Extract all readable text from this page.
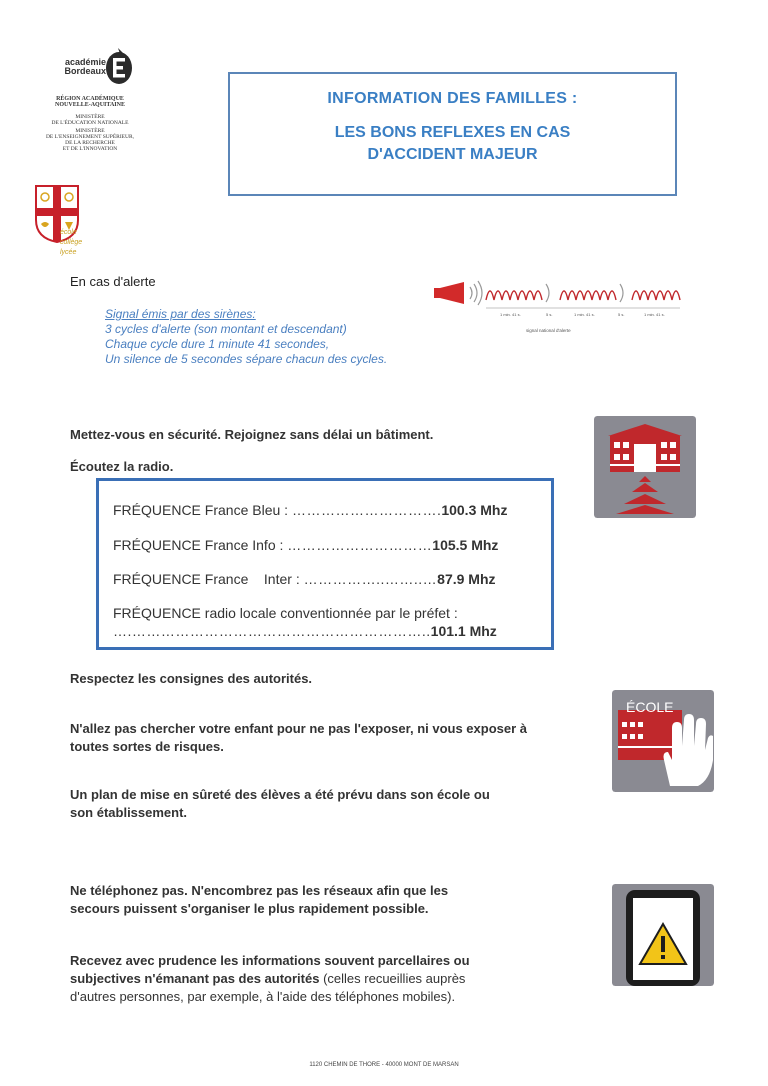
académie
Bordeaux
RÉGION ACADÉMIQUE
NOUVELLE-AQUITAINE
MINISTÈRE
DE L'ÉDUCATION NATIONALE
MINISTÈRE
DE L'ENSEIGNEMENT SUPÉRIEUR,
DE LA RECHERCHE
ET DE L'INNOVATION
école
collège
lycée
INFORMATION DES FAMILLES :
LES BONS REFLEXES EN CAS D'ACCIDENT MAJEUR
En cas d'alerte
Signal émis par des sirènes:
3 cycles d'alerte (son montant et descendant)
Chaque cycle dure 1 minute 41 secondes,
Un silence de 5 secondes sépare chacun des cycles.
1 min. 41 s.	5 s.	1 min. 41 s.	5 s.	1 min. 41 s.
signal national d'alerte
Mettez-vous en sécurité. Rejoignez sans délai un bâtiment.
Écoutez la radio.
FRÉQUENCE France Bleu : ………………………….100.3 Mhz
FRÉQUENCE France Info : …………………………105.5 Mhz
FRÉQUENCE France    Inter : ……………..……..…87.9 Mhz
FRÉQUENCE radio locale conventionnée par le préfet :
….……………………………………………………..101.1 Mhz
Respectez les consignes des autorités.
N'allez pas chercher votre enfant pour ne pas l'exposer, ni vous exposer à
toutes sortes de risques.
ÉCOLE
Un plan de mise en sûreté des élèves a été prévu dans son école ou
son établissement.
Ne téléphonez pas. N'encombrez pas les réseaux afin que les
secours puissent s'organiser le plus rapidement possible.
Recevez avec prudence les informations souvent parcellaires ou
subjectives n'émanant pas des autorités (celles recueillies auprès
d'autres personnes, par exemple, à l'aide des téléphones mobiles).
1120 CHEMIN DE THORE - 40000 MONT DE MARSAN
